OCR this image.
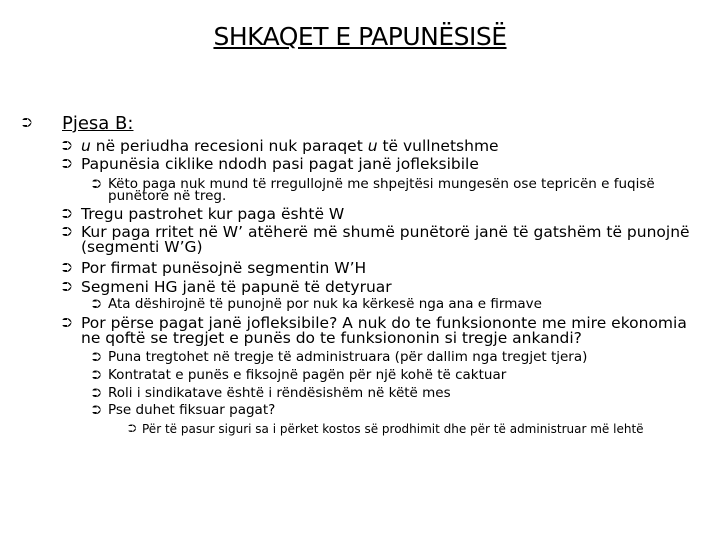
SHKAQET E PAPUNËSISË
⮊	Pjesa B:
⮊ u në periudha recesioni nuk paraqet u të vullnetshme
⮊ Papunësia ciklike ndodh pasi pagat janë jofleksibile
⮊ Këto paga nuk mund të rregullojnë me shpejtësi mungesën ose tepricën e fuqisë punëtore në treg.
⮊ Tregu pastrohet kur paga është W
⮊ Kur paga rritet në W’ atëherë më shumë punëtorë janë të gatshëm të punojnë (segmenti W’G)
⮊ Por firmat punësojnë segmentin W’H
⮊ Segmeni HG janë të papunë të detyruar
⮊ Ata dëshirojnë të punojnë por nuk ka kërkesë nga ana e firmave
⮊ Por përse pagat janë jofleksibile? A nuk do te funksiononte me mire ekonomia ne qoftë se tregjet e punës do te funksiononin si tregje ankandi?
⮊ Puna tregtohet në tregje të administruara (për dallim nga tregjet tjera)
⮊ Kontratat e punës e fiksojnë pagën për një kohë të caktuar
⮊ Roli i sindikatave është i rëndësishëm në këtë mes
⮊ Pse duhet fiksuar pagat?
⮊ Për të pasur siguri sa i përket kostos së prodhimit dhe për të administruar më lehtë
